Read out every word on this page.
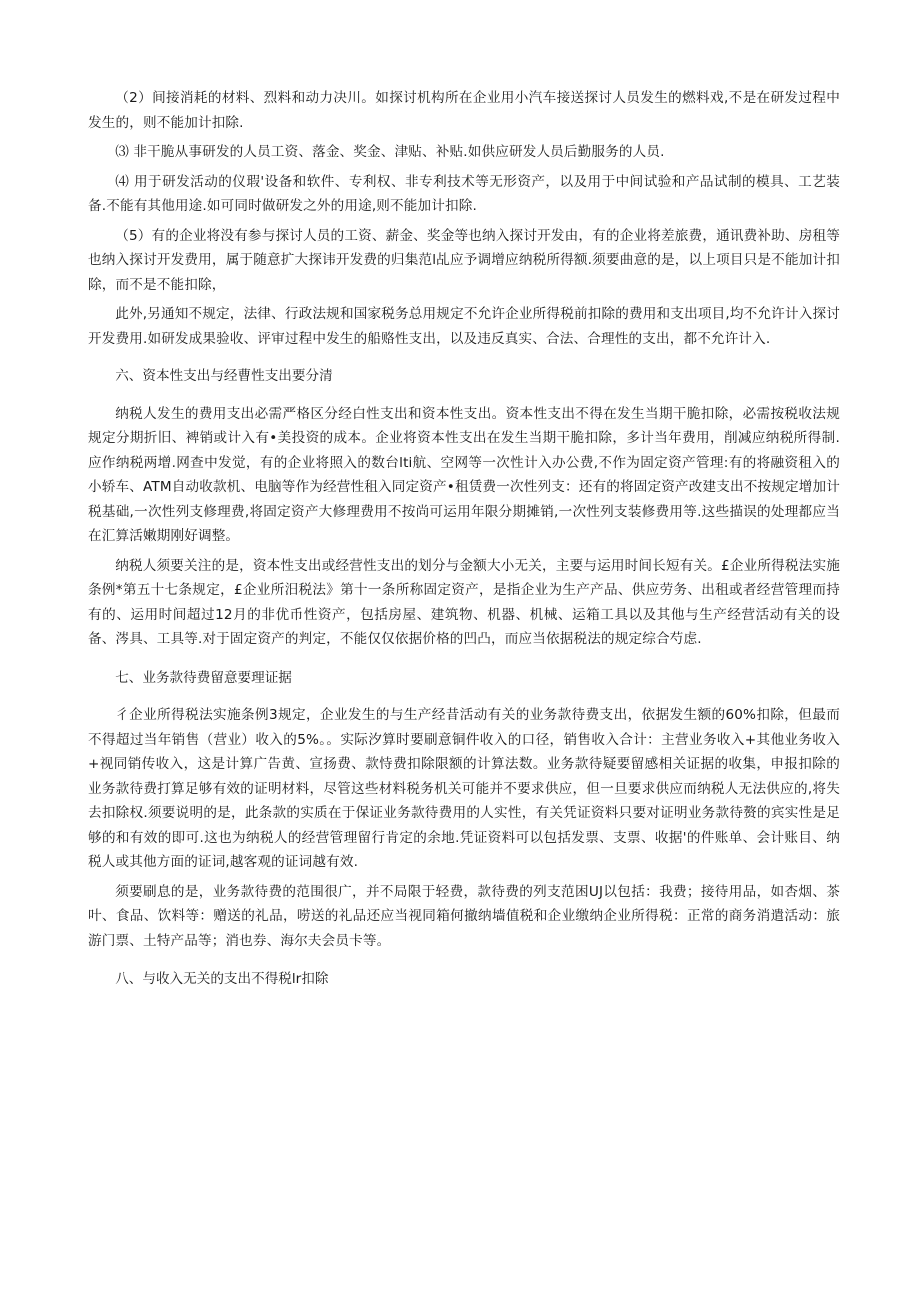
（2）间接消耗的材料、烈料和动力决川。如探讨机构所在企业用小汽车接送探讨人员发生的燃料戏,不是在研发过程中发生的，则不能加计扣除.

⑶ 非干脆从事研发的人员工资、落金、奖金、津贴、补贴.如供应研发人员后勤服务的人员.

⑷ 用于研发活动的仪瑕'设备和软件、专利权、非专利技术等无形资产，以及用于中间试验和产品试制的模具、工艺装备.不能有其他用途.如可同时做研发之外的用途,则不能加计扣除.

（5）有的企业将没有参与探讨人员的工资、薪金、奖金等也纳入探讨开发由，有的企业将差旅费，通讯费补助、房租等也纳入探讨开发费用，属于随意扩大探讳开发费的归集范l乩应予调增应纳税所得额.须要曲意的是，以上项目只是不能加计扣除，而不是不能扣除，

此外,另通知不规定，法律、行政法规和国家税务总用规定不允许企业所得税前扣除的费用和支出项目,均不允许计入探讨开发费用.如研发成果验收、评审过程中发生的船赂性支出，以及违反真实、合法、合理性的支出，都不允许计入.

六、资本性支出与经曹性支出要分清

纳税人发生的费用支出必需严格区分经白性支出和资本性支出。资本性支出不得在发生当期干脆扣除，必需按税收法规规定分期折旧、裨销或计入有•美投资的成本。企业将资本性支出在发生当期干脆扣除，多计当年费用，削减应纳税所得制.应作纳税两增.网查中发觉，有的企业将照入的数台lti航、空网等一次性计入办公费,不作为固定资产管理:有的将融资租入的小轿车、ATM自动收款机、电脑等作为经营性租入同定资产•租赁费一次性列支：还有的将固定资产改建支出不按规定增加计税基础,一次性列支修理费,将固定资产大修理费用不按尚可运用年限分期摊销,一次性列支装修费用等.这些描误的处理都应当在汇算活嫩期刚好调整。

纳税人须要关注的是，资本性支出或经营性支出的划分与金额大小无关，主要与运用时间长短有关。£企业所得税法实施条例*第五十七条规定，£企业所汨税法》第十一条所称固定资产，是指企业为生产产品、供应劳务、出租或者经营管理而持有的、运用时间超过12月的非优币性资产，包括房屋、建筑物、机器、机械、运箱工具以及其他与生产经营活动有关的设备、涔具、工具等.对于固定资产的判定，不能仅仅依据价格的凹凸，而应当依据税法的规定综合芍虑.

七、业务款待费留意要理证据

彳企业所得税法实施条例3规定，企业发生的与生产经昔活动有关的业务款待费支出，依据发生额的60%扣除，但最而不得超过当年销售（营业）收入的5%。。实际汐算时要刷意铜件收入的口径，销售收入合计：主营业务收入+其他业务收入+视同销传收入，这是计算广告黄、宣扬费、款恃费扣除限额的计算法数。业务款待疑要留感相关证据的收集，申报扣除的业务款待费打算足够有效的证明材料，尽管这些材料税务机关可能并不要求供应，但一旦要求供应而纳税人无法供应的,将失去扣除权.须要说明的是，此条款的实质在于保证业务款待费用的人实性，有关凭证资料只要对证明业务款待赘的宾实性是足够的和有效的即可.这也为纳税人的经营管理留行肯定的余地.凭证资料可以包括发票、支票、收据'的件账单、会计账目、纳税人或其他方面的证词,越客观的证词越有效.

须要刷息的是，业务款待费的范围很广，并不局限于轻费，款待费的列支范困UJ以包括：我费；接待用品，如杏烟、茶叶、食品、饮料等：赠送的礼品，唠送的礼品还应当视同箱何撤纳墙值税和企业缴纳企业所得税：正常的商务消遣活动：旅游门票、土特产品等；消也券、海尔夫会员卡等。

八、与收入无关的支出不得税lr扣除
